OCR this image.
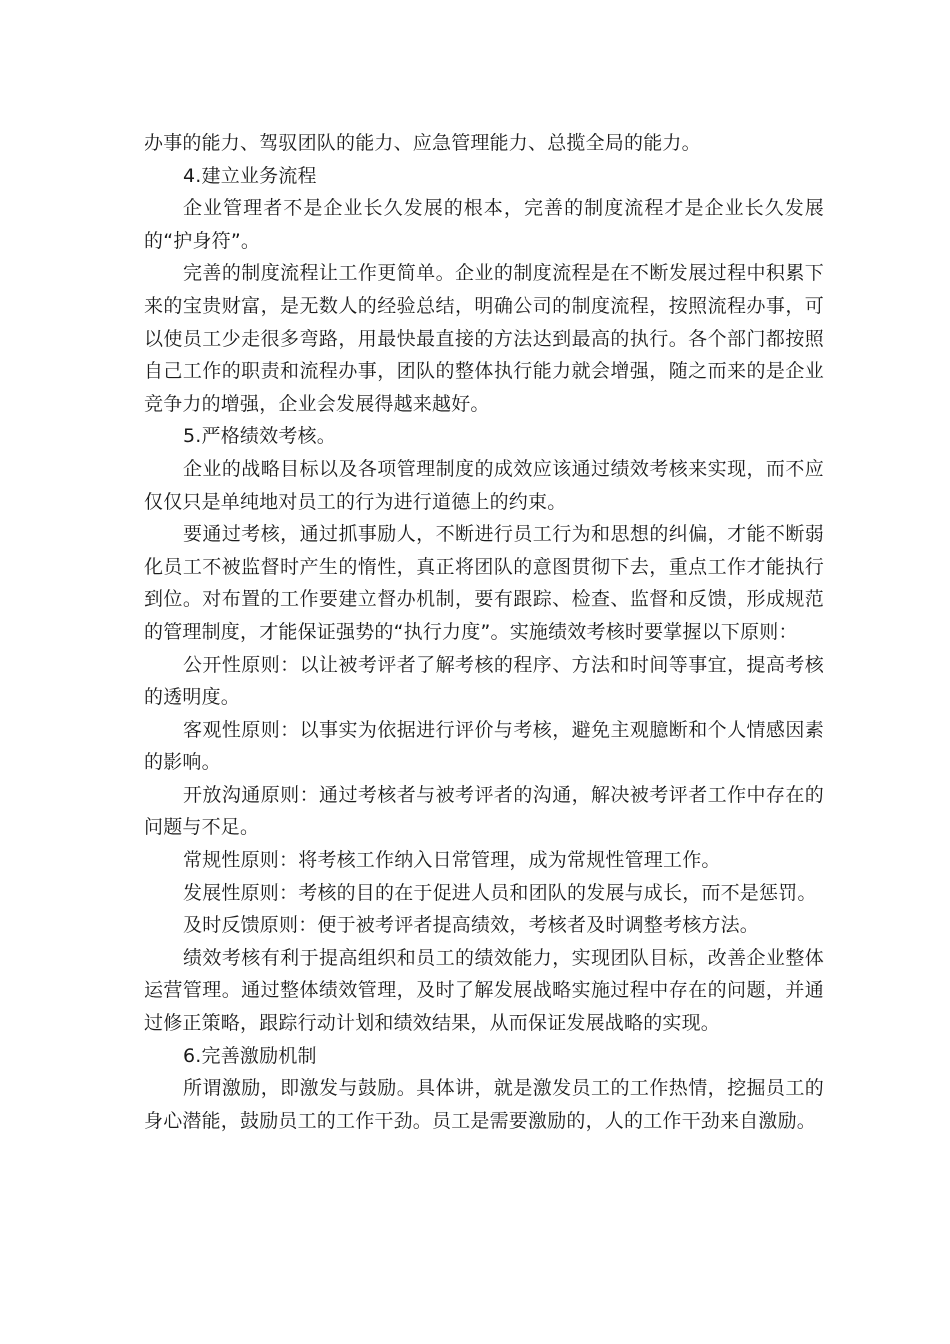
办事的能力、驾驭团队的能力、应急管理能力、总揽全局的能力。

4.建立业务流程

企业管理者不是企业长久发展的根本，完善的制度流程才是企业长久发展的“护身符”。

完善的制度流程让工作更简单。企业的制度流程是在不断发展过程中积累下来的宝贵财富，是无数人的经验总结，明确公司的制度流程，按照流程办事，可以使员工少走很多弯路，用最快最直接的方法达到最高的执行。各个部门都按照自己工作的职责和流程办事，团队的整体执行能力就会增强，随之而来的是企业竞争力的增强，企业会发展得越来越好。

5.严格绩效考核。

企业的战略目标以及各项管理制度的成效应该通过绩效考核来实现，而不应仅仅只是单纯地对员工的行为进行道德上的约束。

要通过考核，通过抓事励人，不断进行员工行为和思想的纠偏，才能不断弱化员工不被监督时产生的惰性，真正将团队的意图贯彻下去，重点工作才能执行到位。对布置的工作要建立督办机制，要有跟踪、检查、监督和反馈，形成规范的管理制度，才能保证强势的“执行力度”。实施绩效考核时要掌握以下原则：

公开性原则：以让被考评者了解考核的程序、方法和时间等事宜，提高考核的透明度。

客观性原则：以事实为依据进行评价与考核，避免主观臆断和个人情感因素的影响。

开放沟通原则：通过考核者与被考评者的沟通，解决被考评者工作中存在的问题与不足。

常规性原则：将考核工作纳入日常管理，成为常规性管理工作。

发展性原则：考核的目的在于促进人员和团队的发展与成长，而不是惩罚。

及时反馈原则：便于被考评者提高绩效，考核者及时调整考核方法。

绩效考核有利于提高组织和员工的绩效能力，实现团队目标，改善企业整体运营管理。通过整体绩效管理，及时了解发展战略实施过程中存在的问题，并通过修正策略，跟踪行动计划和绩效结果，从而保证发展战略的实现。

6.完善激励机制

所谓激励，即激发与鼓励。具体讲，就是激发员工的工作热情，挖掘员工的身心潜能，鼓励员工的工作干劲。员工是需要激励的，人的工作干劲来自激励。
